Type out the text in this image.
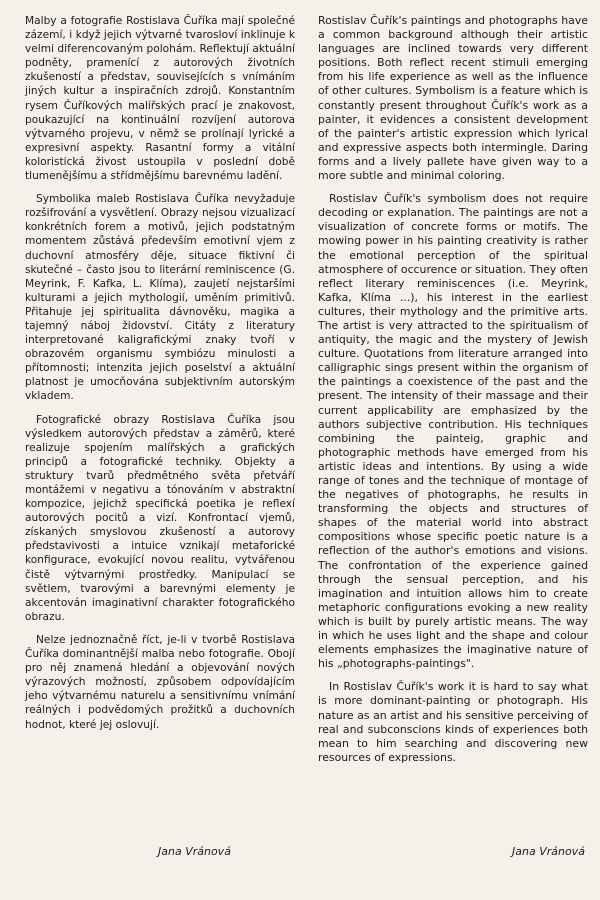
Malby a fotografie Rostislava Čuříka mají společné zázemí, i když jejich výtvarné tvarosloví inklinuje k velmi diferencovaným polohám. Reflektují aktuální podněty, pramenící z autorových životních zkušeností a představ, souvisejících s vnímáním jiných kultur a inspiračních zdrojů. Konstantním rysem Čuříkových malířských prací je znakovost, poukazující na kontinuální rozvíjení autorova výtvarného projevu, v němž se prolínají lyrické a expresivní aspekty. Rasantní formy a vitální koloristická živost ustoupila v poslední době tlumenějšímu a střídmějšímu barevnému ladění.

Symbolika maleb Rostislava Čuříka nevyžaduje rozšifrování a vysvětlení. Obrazy nejsou vizualizací konkrétních forem a motivů, jejich podstatným momentem zůstává především emotivní vjem z duchovní atmosféry děje, situace fiktivní či skutečné – často jsou to literární reminiscence (G. Meyrink, F. Kafka, L. Klíma), zaujetí nejstaršími kulturami a jejich mythologií, uměním primitivů. Přitahuje jej spiritualita dávnověku, magika a tajemný náboj židovství. Citáty z literatury interpretované kaligrafickými znaky tvoří v obrazovém organismu symbiózu minulosti a přítomnosti; intenzita jejich poselství a aktuální platnost je umocňována subjektivním autorským vkladem.

Fotografické obrazy Rostislava Čuříka jsou výsledkem autorových představ a záměrů, které realizuje spojením malířských a grafických principů a fotografické techniky. Objekty a struktury tvarů předmětného světa přetváří montážemi v negativu a tónováním v abstraktní kompozice, jejichž specifická poetika je reflexí autorových pocitů a vizí. Konfrontací vjemů, získaných smyslovou zkušeností a autorovy představivosti a intuice vznikají metaforické konfigurace, evokující novou realitu, vytvářenou čistě výtvarnými prostředky. Manipulací se světlem, tvarovými a barevnými elementy je akcentován imaginativní charakter fotografického obrazu.

Nelze jednoznačně říct, je-li v tvorbě Rostislava Čuříka dominantnější malba nebo fotografie. Obojí pro něj znamená hledání a objevování nových výrazových možností, způsobem odpovídajícím jeho výtvarnému naturelu a sensitivnímu vnímání reálných i podvědomých prožitků a duchovních hodnot, které jej oslovují.

Jana Vránová

Rostislav Čuřík's paintings and photographs have a common background although their artistic languages are inclined towards very different positions. Both reflect recent stimuli emerging from his life experience as well as the influence of other cultures. Symbolism is a feature which is constantly present throughout Čuřík's work as a painter, it evidences a consistent development of the painter's artistic expression which lyrical and expressive aspects both intermingle. Daring forms and a lively pallete have given way to a more subtle and minimal coloring.

Rostislav Čuřík's symbolism does not require decoding or explanation. The paintings are not a visualization of concrete forms or motifs. The mowing power in his painting creativity is rather the emotional perception of the spiritual atmosphere of occurence or situation. They often reflect literary reminiscences (i.e. Meyrink, Kafka, Klíma ...), his interest in the earliest cultures, their mythology and the primitive arts. The artist is very attracted to the spiritualism of antiquity, the magic and the mystery of Jewish culture. Quotations from literature arranged into calligraphic sings present within the organism of the paintings a coexistence of the past and the present. The intensity of their massage and their current applicability are emphasized by the authors subjective contribution. His techniques combining the painteig, graphic and photographic methods have emerged from his artistic ideas and intentions. By using a wide range of tones and the technique of montage of the negatives of photographs, he results in transforming the objects and structures of shapes of the material world into abstract compositions whose specific poetic nature is a reflection of the author's emotions and visions. The confrontation of the experience gained through the sensual perception, and his imagination and intuition allows him to create metaphoric configurations evoking a new reality which is built by purely artistic means. The way in which he uses light and the shape and colour elements emphasizes the imaginative nature of his „photographs-paintings".

In Rostislav Čuřík's work it is hard to say what is more dominant-painting or photograph. His nature as an artist and his sensitive perceiving of real and subconscions kinds of experiences both mean to him searching and discovering new resources of expressions.

Jana Vránová
